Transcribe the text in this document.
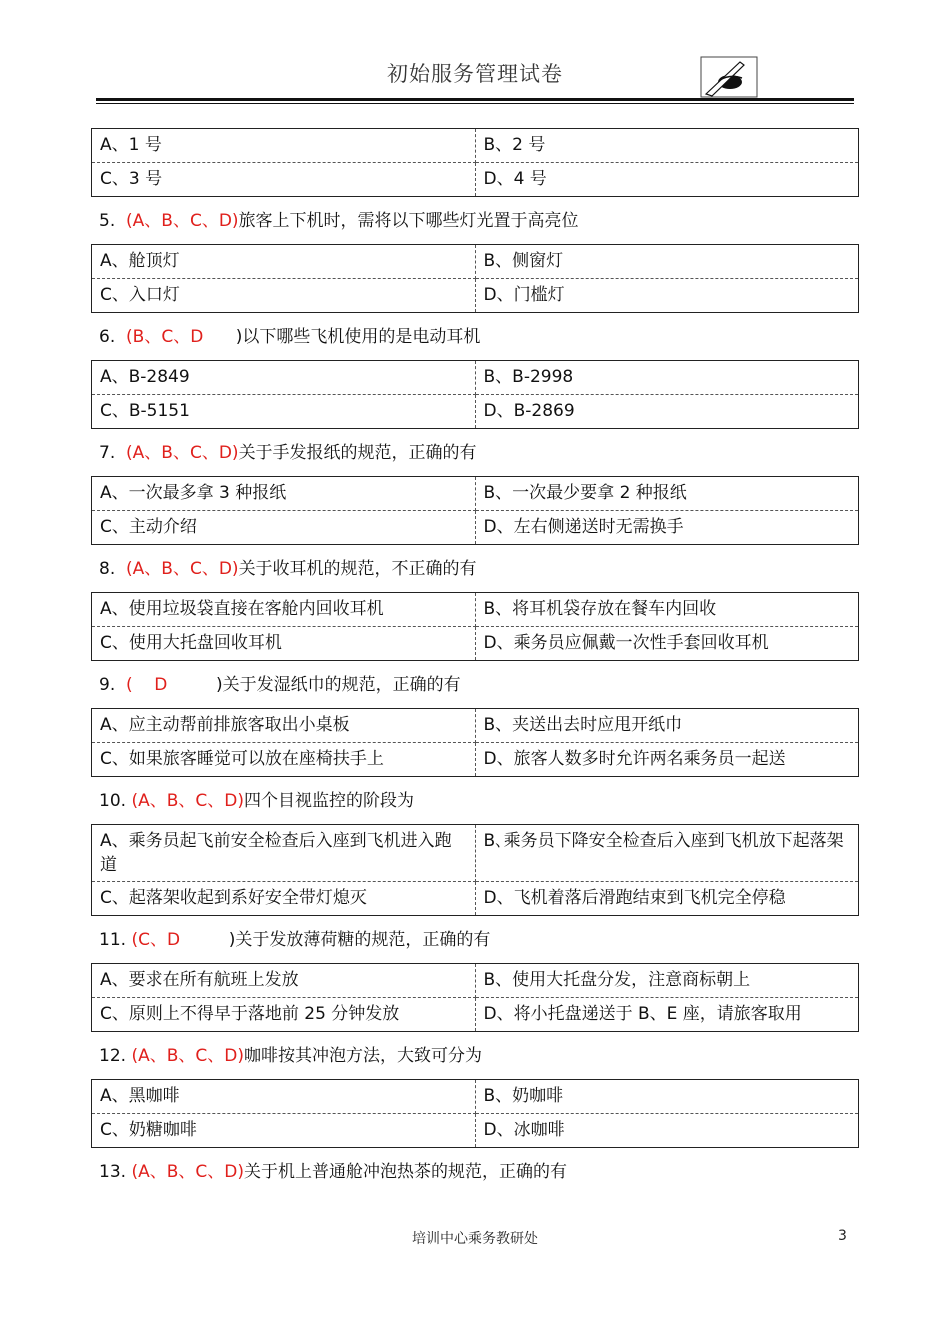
初始服务管理试卷
A、1 号	B、2 号
C、3 号	D、4 号
5.  (A、B、C、D)旅客上下机时，需将以下哪些灯光置于高亮位
A、舱顶灯	B、侧窗灯
C、入口灯	D、门槛灯
6.  (B、C、D      )以下哪些飞机使用的是电动耳机
A、B-2849	B、B-2998
C、B-5151	D、B-2869
7.  (A、B、C、D)关于手发报纸的规范，正确的有
A、一次最多拿 3 种报纸	B、一次最少要拿 2 种报纸
C、主动介绍	D、左右侧递送时无需换手
8.  (A、B、C、D)关于收耳机的规范，不正确的有
A、使用垃圾袋直接在客舱内回收耳机	B、将耳机袋存放在餐车内回收
C、使用大托盘回收耳机	D、乘务员应佩戴一次性手套回收耳机
9.  (    D         )关于发湿纸巾的规范，正确的有
A、应主动帮前排旅客取出小桌板	B、夹送出去时应甩开纸巾
C、如果旅客睡觉可以放在座椅扶手上	D、旅客人数多时允许两名乘务员一起送
10. (A、B、C、D)四个目视监控的阶段为
A、乘务员起飞前安全检查后入座到飞机进入跑道	B､乘务员下降安全检查后入座到飞机放下起落架
C、起落架收起到系好安全带灯熄灭	D、飞机着落后滑跑结束到飞机完全停稳
11. (C、D         )关于发放薄荷糖的规范，正确的有
A、要求在所有航班上发放	B、使用大托盘分发，注意商标朝上
C、原则上不得早于落地前 25 分钟发放	D、将小托盘递送于 B、E 座，请旅客取用
12. (A、B、C、D)咖啡按其冲泡方法，大致可分为
A、黑咖啡	B、奶咖啡
C、奶糖咖啡	D、冰咖啡
13. (A、B、C、D)关于机上普通舱冲泡热茶的规范，正确的有
培训中心乘务教研处	3
